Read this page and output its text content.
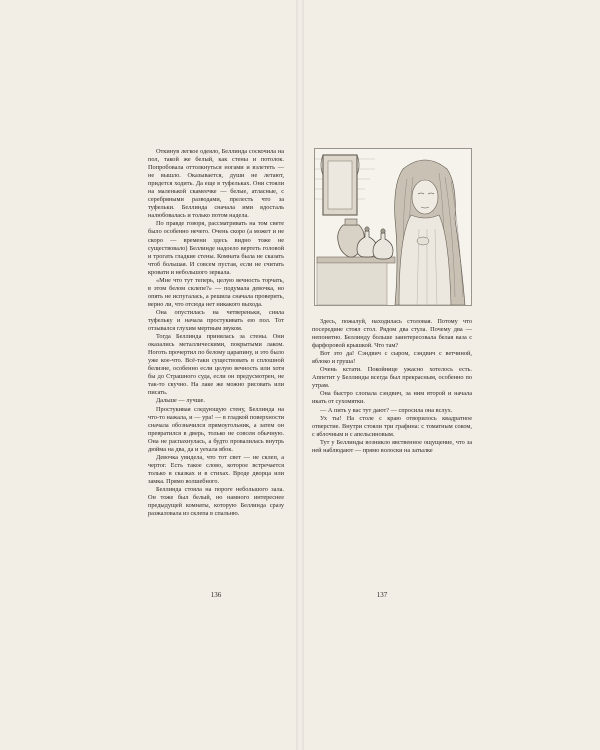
Откинув легкое одеяло, Беллинда соскочила на пол, такой же белый, как стены и потолок. Попробовала оттолкнуться ногами и взлететь — не вышло. Оказывается, души не летают, придется ходить. Да еще в туфельках. Они стояли на маленькой скамеечке — белые, атласные, с серебряными разводами, прелесть что за туфельки. Беллинда сначала ими вдосталь налюбовалась и только потом надела.

По правде говоря, рассматривать на том свете было особенно нечего. Очень скоро (а может и не скоро — времени здесь видно тоже не существовало) Беллинде надоело вертеть головой и трогать гладкие стены. Комната была не сказать чтоб большая. И совсем пустая, если не считать кровати и небольшого зеркала.

«Мне что тут теперь, целую вечность торчать, в этом белом склепе?» — подумала девочка, но опять не испугалась, а решила сначала проверить, верно ли, что отсюда нет никакого выхода.

Она опустилась на четвереньки, сняла туфельку и начала простукивать ею пол. Тот отзывался глухим мертвым звуком.

Тогда Беллинда принялась за стены. Они оказались металлическими, покрытыми лаком. Ноготь прочертил по белому царапину, и это было уже кое-что. Всё-таки существовать в сплошной белизне, особенно если целую вечность или хотя бы до Страшного суда, если он предусмотрен, не так-то скучно. На лаке же можно рисовать или писать.

Дальше — лучше.

Простукивая следующую стену, Беллинда на что-то нажала, и — ура! — в гладкой поверхности сначала обозначился прямоугольник, а затем он превратился в дверь, только не совсем обычную. Она не распахнулась, а будто провалилась внутрь дюйма на два, да и уехала вбок.

Девочка увидела, что тот свет — не склеп, а чертог. Есть такое слово, которое встречается только в сказках и в стихах. Вроде дворца или замка. Прямо волшебного.

Беллинда стояла на пороге небольшого зала. Он тоже был белый, но намного интереснее предыдущей комнаты, которую Беллинда сразу разжаловала из склепа в спальню.

136

Здесь, пожалуй, находилась столовая. Потому что посередине стоял стол. Рядом два стула. Почему два — непонятно. Беллинду больше заинтересовала белая ваза с фарфоровой крышкой. Что там?

Вот это да! Сэндвич с сыром, сэндвич с ветчиной, яблоко и груша!

Очень кстати. Покойнице ужасно хотелось есть. Аппетит у Беллинды всегда был прекрасным, особенно по утрам.

Она быстро слопала сэндвич, за ним второй и начала икать от сухомятки.

— А пить у вас тут дают? — спросила она вслух.

Ух ты! На столе с краю отворилось квадратное отверстие. Внутри стояли три графина: с томатным соком, с яблочным и с апельсиновым.

Тут у Беллинды возникло явственное ощущение, что за ней наблюдают — прямо волоски на затылке

137
